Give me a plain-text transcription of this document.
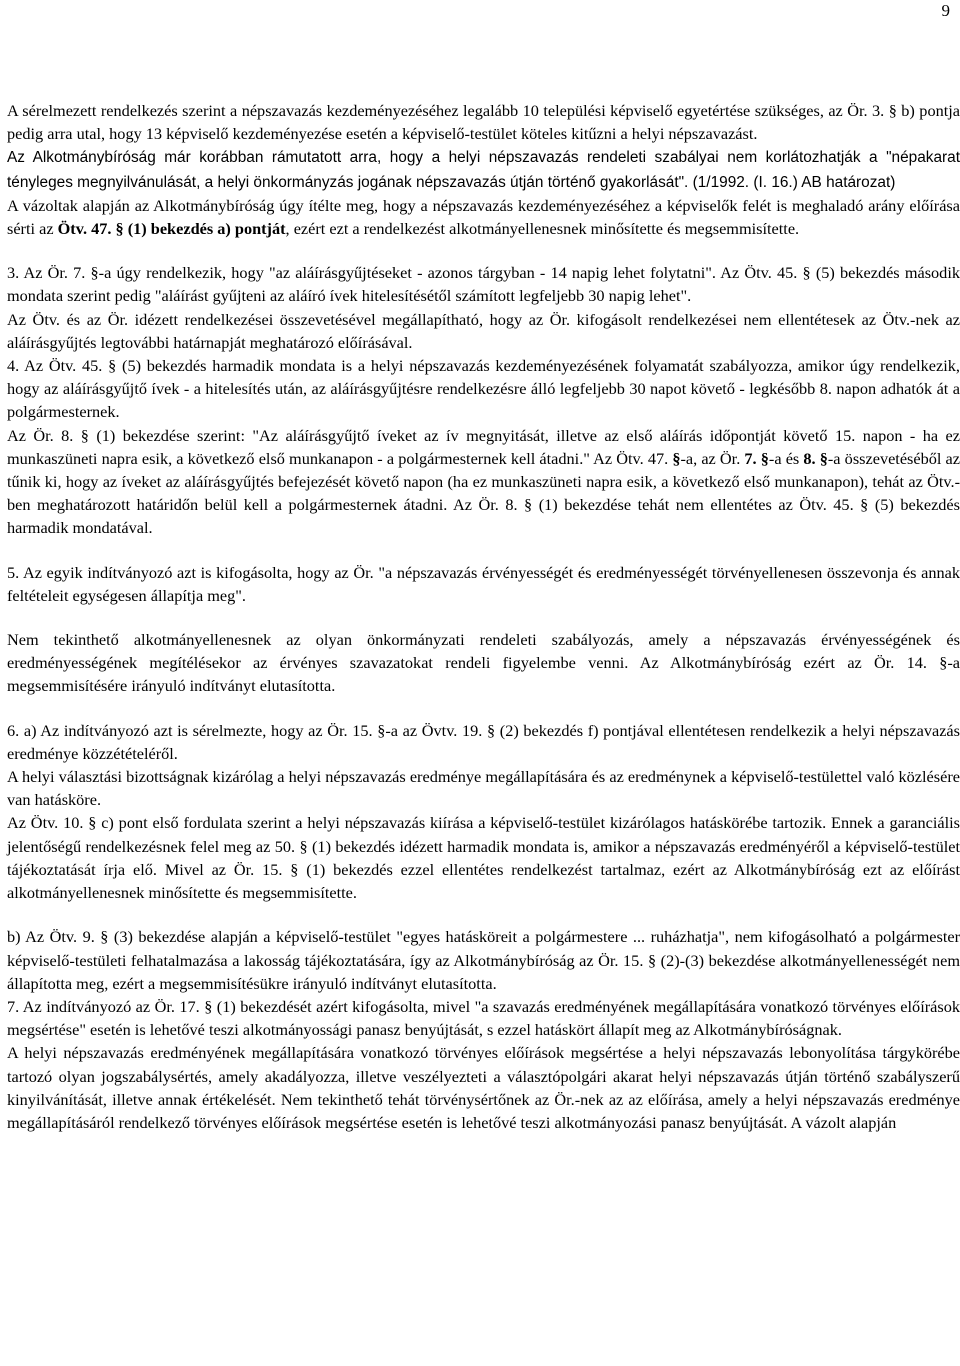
9

A sérelmezett rendelkezés szerint a népszavazás kezdeményezéséhez legalább 10 települési képviselő egyetértése szükséges, az Ör. 3. § b) pontja pedig arra utal, hogy 13 képviselő kezdeményezése esetén a képviselő-testület köteles kitűzni a helyi népszavazást.

Az Alkotmánybíróság már korábban rámutatott arra, hogy a helyi népszavazás rendeleti szabályai nem korlátozhatják a "népakarat tényleges megnyilvánulását, a helyi önkormányzás jogának népszavazás útján történő gyakorlását". (1/1992. (I. 16.) AB határozat)

A vázoltak alapján az Alkotmánybíróság úgy ítélte meg, hogy a népszavazás kezdeményezéséhez a képviselők felét is meghaladó arány előírása sérti az Ötv. 47. § (1) bekezdés a) pontját, ezért ezt a rendelkezést alkotmányellenesnek minősítette és megsemmisítette.

3. Az Ör. 7. §-a úgy rendelkezik, hogy "az aláírásgyűjtéseket - azonos tárgyban - 14 napig lehet folytatni". Az Ötv. 45. § (5) bekezdés második mondata szerint pedig "aláírást gyűjteni az aláíró ívek hitelesítésétől számított legfeljebb 30 napig lehet".

Az Ötv. és az Ör. idézett rendelkezései összevetésével megállapítható, hogy az Ör. kifogásolt rendelkezései nem ellentétesek az Ötv.-nek az aláírásgyűjtés legtovábbi határnapját meghatározó előírásával.

4. Az Ötv. 45. § (5) bekezdés harmadik mondata is a helyi népszavazás kezdeményezésének folyamatát szabályozza, amikor úgy rendelkezik, hogy az aláírásgyűjtő ívek - a hitelesítés után, az aláírásgyűjtésre rendelkezésre álló legfeljebb 30 napot követő - legkésőbb 8. napon adhatók át a polgármesternek.

Az Ör. 8. § (1) bekezdése szerint: "Az aláírásgyűjtő íveket az ív megnyitását, illetve az első aláírás időpontját követő 15. napon - ha ez munkaszüneti napra esik, a következő első munkanapon - a polgármesternek kell átadni." Az Ötv. 47. §-a, az Ör. 7. §-a és 8. §-a összevetéséből az tűnik ki, hogy az íveket az aláírásgyűjtés befejezését követő napon (ha ez munkaszüneti napra esik, a következő első munkanapon), tehát az Ötv.-ben meghatározott határidőn belül kell a polgármesternek átadni. Az Ör. 8. § (1) bekezdése tehát nem ellentétes az Ötv. 45. § (5) bekezdés harmadik mondatával.

5. Az egyik indítványozó azt is kifogásolta, hogy az Ör. "a népszavazás érvényességét és eredményességét törvényellenesen összevonja és annak feltételeit egységesen állapítja meg".

Nem tekinthető alkotmányellenesnek az olyan önkormányzati rendeleti szabályozás, amely a népszavazás érvényességének és eredményességének megítélésekor az érvényes szavazatokat rendeli figyelembe venni. Az Alkotmánybíróság ezért az Ör. 14. §-a megsemmisítésére irányuló indítványt elutasította.

6. a) Az indítványozó azt is sérelmezte, hogy az Ör. 15. §-a az Övtv. 19. § (2) bekezdés f) pontjával ellentétesen rendelkezik a helyi népszavazás eredménye közzétételéről.

A helyi választási bizottságnak kizárólag a helyi népszavazás eredménye megállapítására és az eredménynek a képviselő-testülettel való közlésére van hatásköre.

Az Ötv. 10. § c) pont első fordulata szerint a helyi népszavazás kiírása a képviselő-testület kizárólagos hatáskörébe tartozik. Ennek a garanciális jelentőségű rendelkezésnek felel meg az 50. § (1) bekezdés idézett harmadik mondata is, amikor a népszavazás eredményéről a képviselő-testület tájékoztatását írja elő. Mivel az Ör. 15. § (1) bekezdés ezzel ellentétes rendelkezést tartalmaz, ezért az Alkotmánybíróság ezt az előírást alkotmányellenesnek minősítette és megsemmisítette.

b) Az Ötv. 9. § (3) bekezdése alapján a képviselő-testület "egyes hatásköreit a polgármestere ... ruházhatja", nem kifogásolható a polgármester képviselő-testületi felhatalmazása a lakosság tájékoztatására, így az Alkotmánybíróság az Ör. 15. § (2)-(3) bekezdése alkotmányellenességét nem állapította meg, ezért a megsemmisítésükre irányuló indítványt elutasította.

7. Az indítványozó az Ör. 17. § (1) bekezdését azért kifogásolta, mivel "a szavazás eredményének megállapítására vonatkozó törvényes előírások megsértése" esetén is lehetővé teszi alkotmányossági panasz benyújtását, s ezzel hatáskört állapít meg az Alkotmánybíróságnak.

A helyi népszavazás eredményének megállapítására vonatkozó törvényes előírások megsértése a helyi népszavazás lebonyolítása tárgykörébe tartozó olyan jogszabálysértés, amely akadályozza, illetve veszélyezteti a választópolgári akarat helyi népszavazás útján történő szabályszerű kinyilvánítását, illetve annak értékelését. Nem tekinthető tehát törvénysértőnek az Ör.-nek az az előírása, amely a helyi népszavazás eredménye megállapításáról rendelkező törvényes előírások megsértése esetén is lehetővé teszi alkotmányozási panasz benyújtását. A vázolt alapján
